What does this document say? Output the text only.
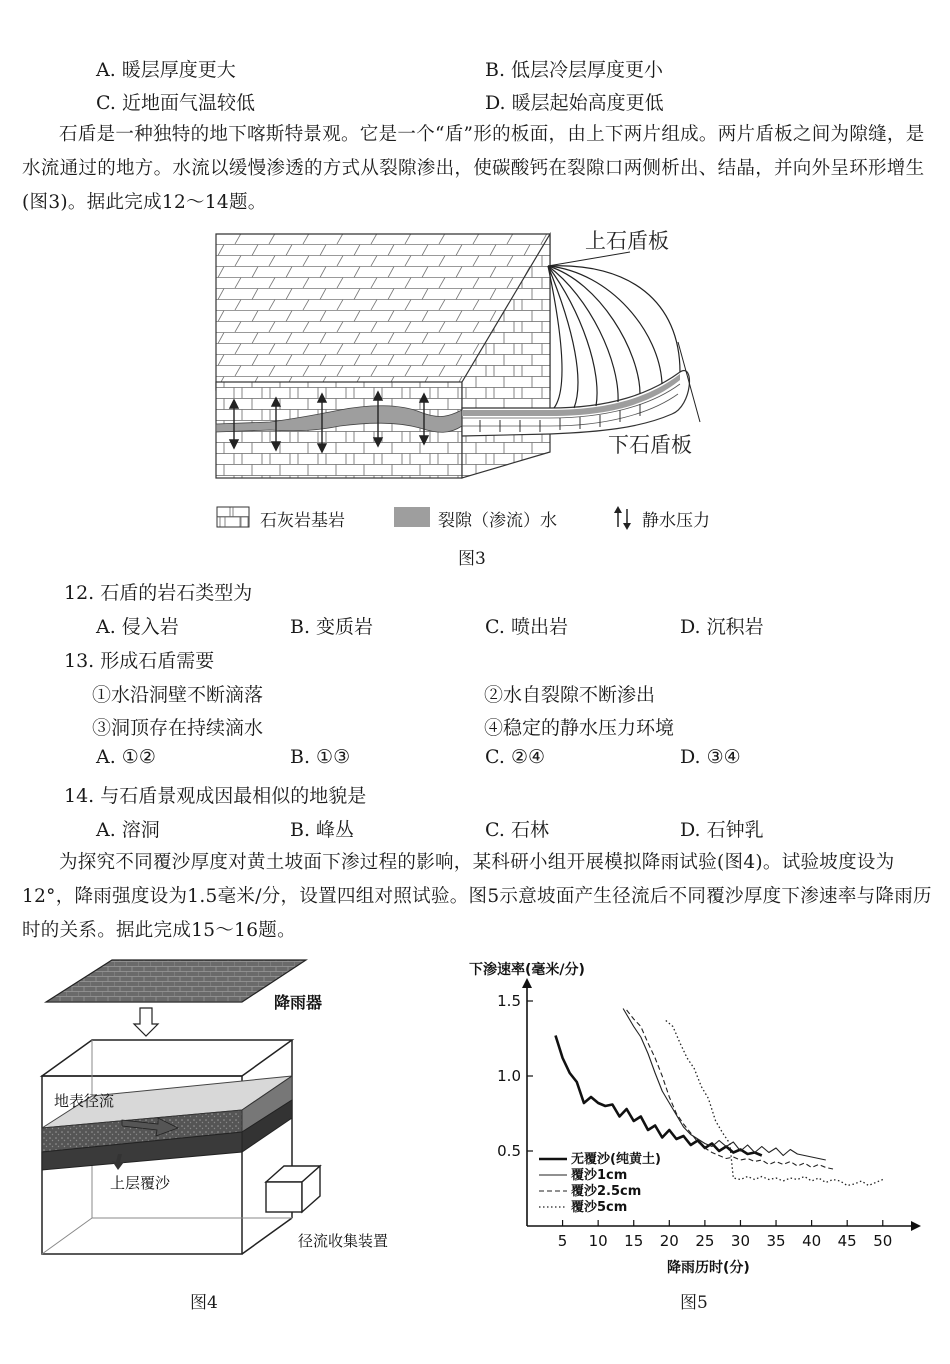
A. 暖层厚度更大	B. 低层冷层厚度更小
C. 近地面气温较低	D. 暖层起始高度更低
石盾是一种独特的地下喀斯特景观。它是一个“盾”形的板面，由上下两片组成。两片盾板之间为隙缝，是水流通过的地方。水流以缓慢渗透的方式从裂隙渗出，使碳酸钙在裂隙口两侧析出、结晶，并向外呈环形增生(图3)。据此完成12～14题。
上石盾板
下石盾板
石灰岩基岩	裂隙（渗流）水	静水压力
图3
12. 石盾的岩石类型为
A. 侵入岩	B. 变质岩	C. 喷出岩	D. 沉积岩
13. 形成石盾需要
①水沿洞壁不断滴落	②水自裂隙不断渗出
③洞顶存在持续滴水	④稳定的静水压力环境
A. ①②	B. ①③	C. ②④	D. ③④
14. 与石盾景观成因最相似的地貌是
A. 溶洞	B. 峰丛	C. 石林	D. 石钟乳
为探究不同覆沙厚度对黄土坡面下渗过程的影响，某科研小组开展模拟降雨试验(图4)。试验坡度设为12°，降雨强度设为1.5毫米/分，设置四组对照试验。图5示意坡面产生径流后不同覆沙厚度下渗速率与降雨历时的关系。据此完成15～16题。
降雨器
地表径流
上层覆沙
径流收集装置
图4
下渗速率(毫米/分)
降雨历时(分)
5 10 15 20 25 30 35 40 45 50
0.5
1.0
1.5
无覆沙(纯黄土)
覆沙1cm
覆沙2.5cm
覆沙5cm
图5
